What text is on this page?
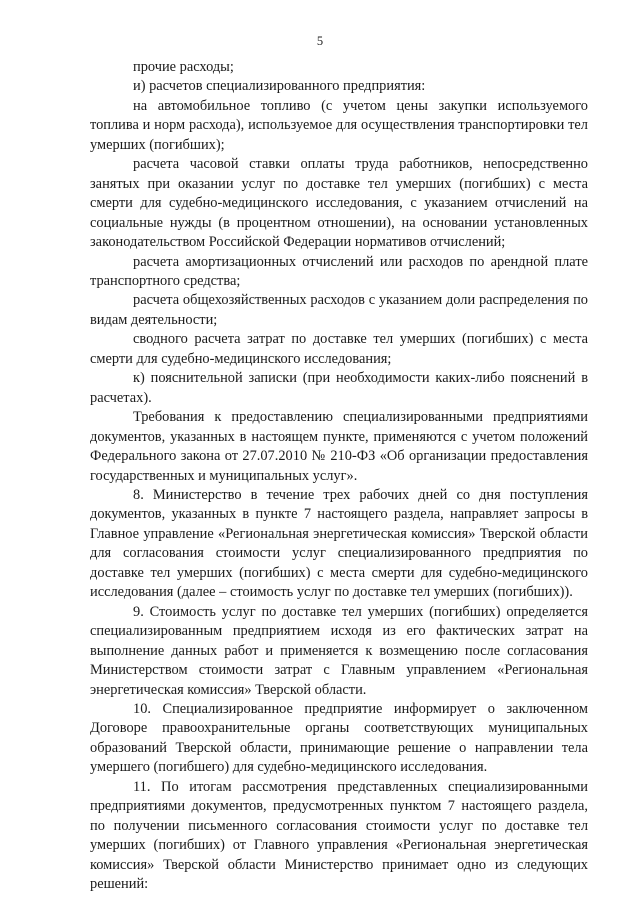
5

прочие расходы;

и) расчетов специализированного предприятия:

на автомобильное топливо (с учетом цены закупки используемого топлива и норм расхода), используемое для осуществления транспортировки тел умерших (погибших);

расчета часовой ставки оплаты труда работников, непосредственно занятых при оказании услуг по доставке тел умерших (погибших) с места смерти для судебно-медицинского исследования, с указанием отчислений на социальные нужды (в процентном отношении), на основании установленных законодательством Российской Федерации нормативов отчислений;

расчета амортизационных отчислений или расходов по арендной плате транспортного средства;

расчета общехозяйственных расходов с указанием доли распределения по видам деятельности;

сводного расчета затрат по доставке тел умерших (погибших) с места смерти для судебно-медицинского исследования;

к) пояснительной записки (при необходимости каких-либо пояснений в расчетах).

Требования к предоставлению специализированными предприятиями документов, указанных в настоящем пункте, применяются с учетом положений Федерального закона от 27.07.2010 № 210-ФЗ «Об организации предоставления государственных и муниципальных услуг».

8. Министерство в течение трех рабочих дней со дня поступления документов, указанных в пункте 7 настоящего раздела, направляет запросы в Главное управление «Региональная энергетическая комиссия» Тверской области для согласования стоимости услуг специализированного предприятия по доставке тел умерших (погибших) с места смерти для судебно-медицинского исследования (далее – стоимость услуг по доставке тел умерших (погибших)).

9. Стоимость услуг по доставке тел умерших (погибших) определяется специализированным предприятием исходя из его фактических затрат на выполнение данных работ и применяется к возмещению после согласования Министерством стоимости затрат с Главным управлением «Региональная энергетическая комиссия» Тверской области.

10. Специализированное предприятие информирует о заключенном Договоре правоохранительные органы соответствующих муниципальных образований Тверской области, принимающие решение о направлении тела умершего (погибшего) для судебно-медицинского исследования.

11. По итогам рассмотрения представленных специализированными предприятиями документов, предусмотренных пунктом 7 настоящего раздела, по получении письменного согласования стоимости услуг по доставке тел умерших (погибших) от Главного управления «Региональная энергетическая комиссия» Тверской области Министерство принимает одно из следующих решений:
